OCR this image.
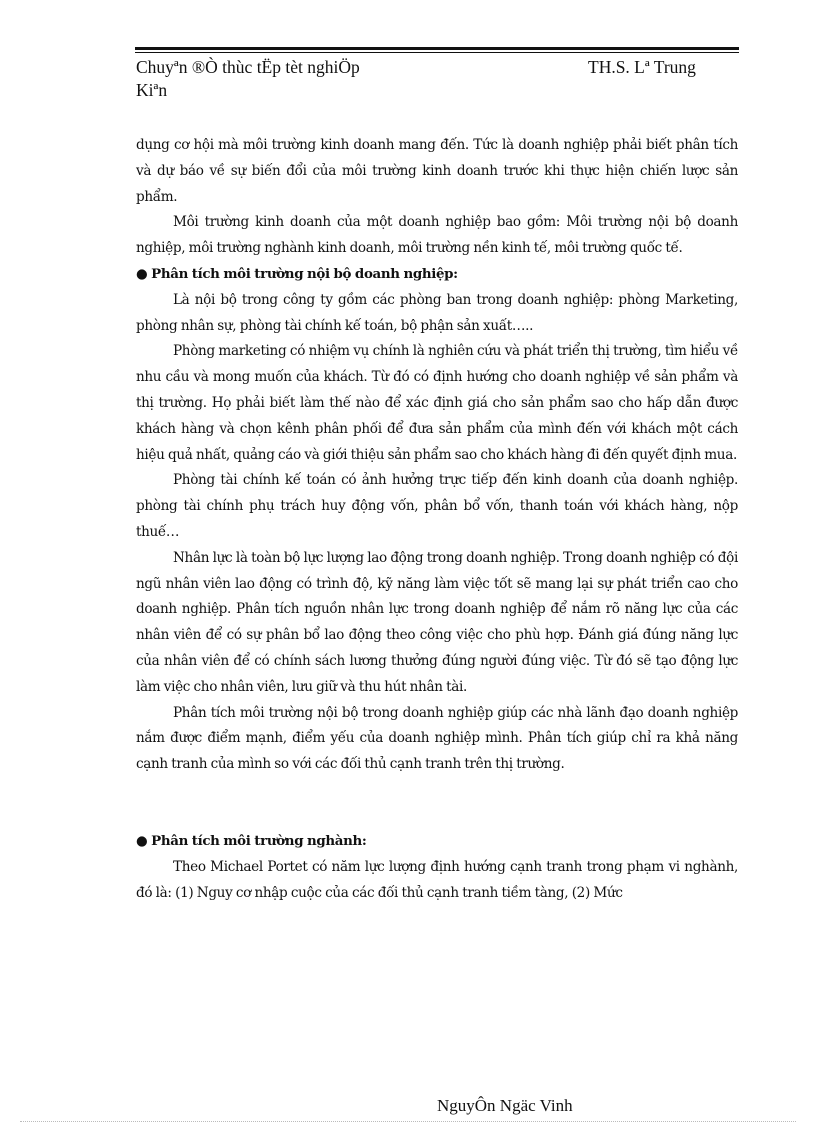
Chuyªn ®Ò thùc tËp tèt nghiÖp
Kiªn
TH.S. Lª Trung

dụng cơ hội mà môi trường kinh doanh mang đến. Tức là doanh nghiệp phải biết phân tích và dự báo về sự biến đổi của môi trường kinh doanh trước khi thực hiện chiến lược sản phẩm.

Môi trường kinh doanh của một doanh nghiệp bao gồm: Môi trường nội bộ doanh nghiệp, môi trường nghành kinh doanh, môi trường nền kinh tế, môi trường quốc tế.

● Phân tích môi trường nội bộ doanh nghiệp:

Là nội bộ trong công ty gồm các phòng ban trong doanh nghiệp: phòng Marketing, phòng nhân sự, phòng tài chính kế toán, bộ phận sản xuất…..

Phòng marketing có nhiệm vụ chính là nghiên cứu và phát triển thị trường, tìm hiểu về nhu cầu và mong muốn của khách. Từ đó có định hướng cho doanh nghiệp về sản phẩm và thị trường. Họ phải biết làm thế nào để xác định giá cho sản phẩm sao cho hấp dẫn được khách hàng và chọn kênh phân phối để đưa sản phẩm của mình đến với khách một cách hiệu quả nhất, quảng cáo và giới thiệu sản phẩm sao cho khách hàng đi đến quyết định mua.

Phòng tài chính kế toán có ảnh hưởng trực tiếp đến kinh doanh của doanh nghiệp. phòng tài chính phụ trách huy động vốn, phân bổ vốn, thanh toán với khách hàng, nộp thuế…

Nhân lực là toàn bộ lực lượng lao động trong doanh nghiệp. Trong doanh nghiệp có đội ngũ nhân viên lao động có trình độ, kỹ năng làm việc tốt sẽ mang lại sự phát triển cao cho doanh nghiệp. Phân tích nguồn nhân lực trong doanh nghiệp để nắm rõ năng lực của các nhân viên để có sự phân bổ lao động theo công việc cho phù hợp. Đánh giá đúng năng lực của nhân viên để có chính sách lương thưởng đúng người đúng việc. Từ đó sẽ tạo động lực làm việc cho nhân viên, lưu giữ và thu hút nhân tài.

Phân tích môi trường nội bộ trong doanh nghiệp giúp các nhà lãnh đạo doanh nghiệp nắm được điểm mạnh, điểm yếu của doanh nghiệp mình. Phân tích giúp chỉ ra khả năng cạnh tranh của mình so với các đối thủ cạnh tranh trên thị trường.

● Phân tích môi trường nghành:

Theo Michael Portet có năm lực lượng định hướng cạnh tranh trong phạm vi nghành, đó là: (1) Nguy cơ nhập cuộc của các đối thủ cạnh tranh tiềm tàng, (2) Mức

NguyÔn Ngäc Vinh
